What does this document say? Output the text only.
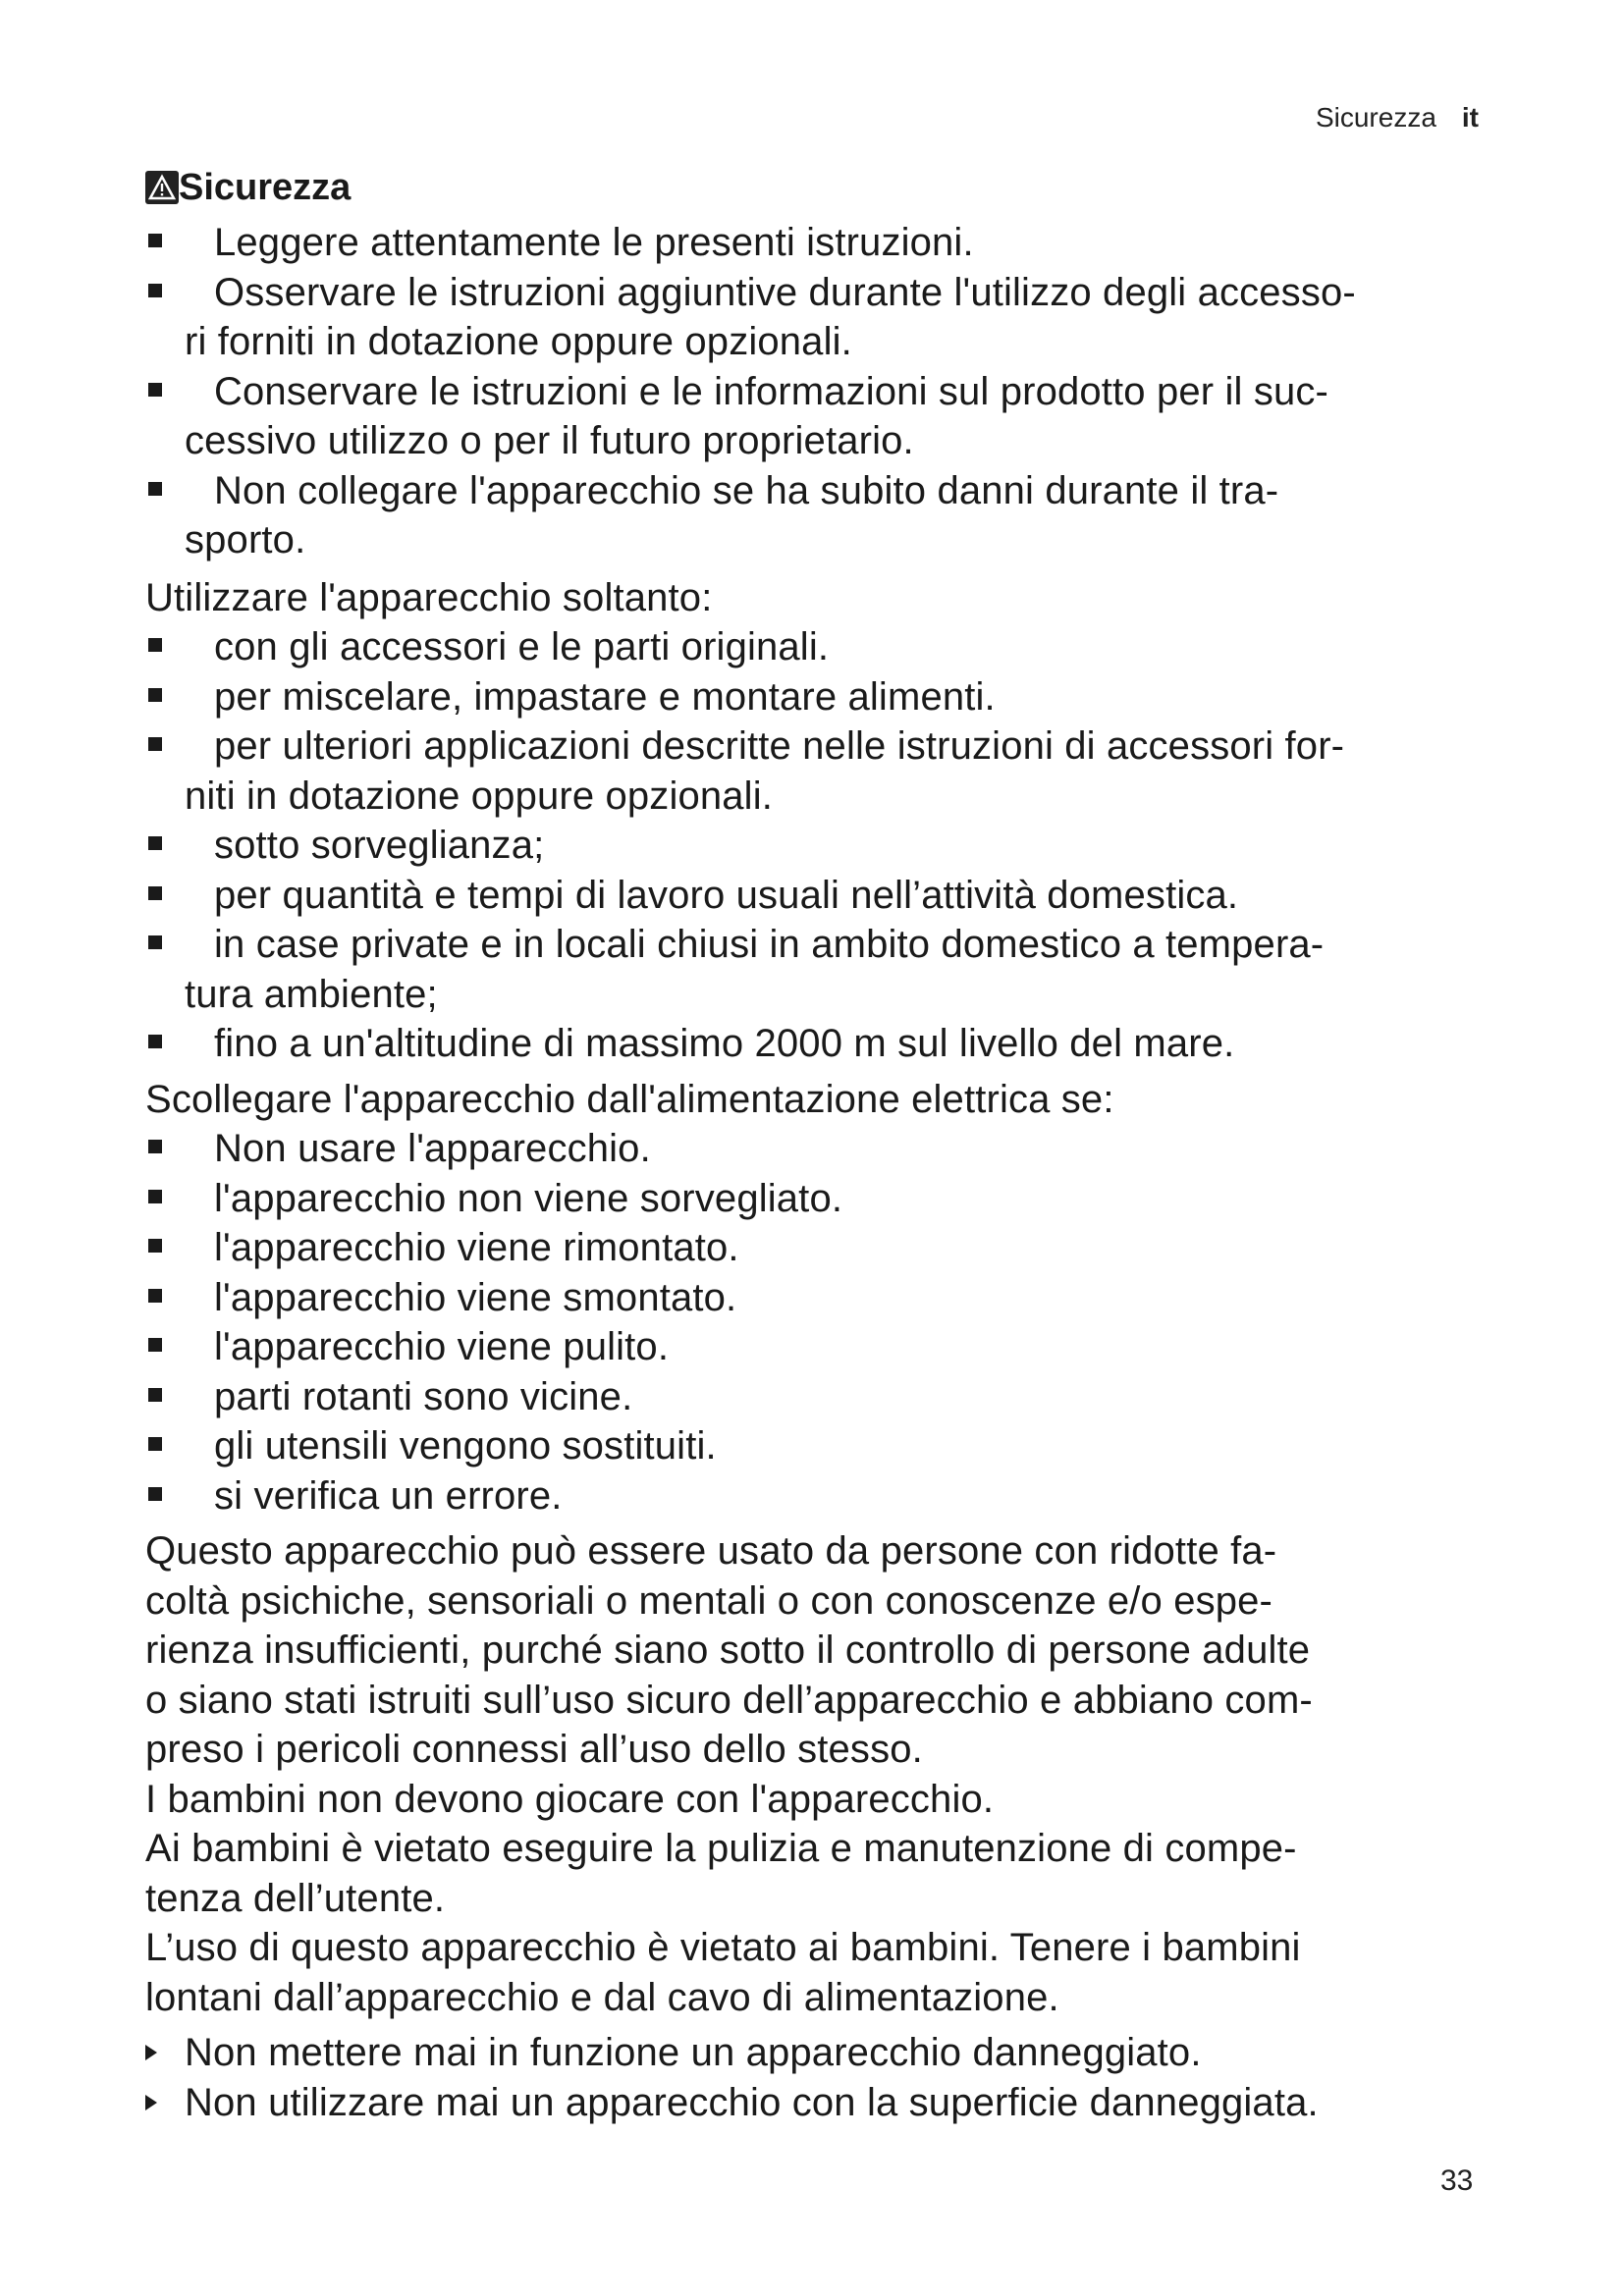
Sicurezza it
Sicurezza
Leggere attentamente le presenti istruzioni.
Osservare le istruzioni aggiuntive durante l'utilizzo degli accesso-
ri forniti in dotazione oppure opzionali.
Conservare le istruzioni e le informazioni sul prodotto per il suc-
cessivo utilizzo o per il futuro proprietario.
Non collegare l'apparecchio se ha subito danni durante il tra-
sporto.
Utilizzare l'apparecchio soltanto:
con gli accessori e le parti originali.
per miscelare, impastare e montare alimenti.
per ulteriori applicazioni descritte nelle istruzioni di accessori for-
niti in dotazione oppure opzionali.
sotto sorveglianza;
per quantità e tempi di lavoro usuali nell’attività domestica.
in case private e in locali chiusi in ambito domestico a tempera-
tura ambiente;
fino a un'altitudine di massimo 2000 m sul livello del mare.
Scollegare l'apparecchio dall'alimentazione elettrica se:
Non usare l'apparecchio.
l'apparecchio non viene sorvegliato.
l'apparecchio viene rimontato.
l'apparecchio viene smontato.
l'apparecchio viene pulito.
parti rotanti sono vicine.
gli utensili vengono sostituiti.
si verifica un errore.
Questo apparecchio può essere usato da persone con ridotte fa-
coltà psichiche, sensoriali o mentali o con conoscenze e/o espe-
rienza insufficienti, purché siano sotto il controllo di persone adulte
o siano stati istruiti sull’uso sicuro dell’apparecchio e abbiano com-
preso i pericoli connessi all’uso dello stesso.
I bambini non devono giocare con l'apparecchio.
Ai bambini è vietato eseguire la pulizia e manutenzione di compe-
tenza dell’utente.
L’uso di questo apparecchio è vietato ai bambini. Tenere i bambini
lontani dall’apparecchio e dal cavo di alimentazione.
Non mettere mai in funzione un apparecchio danneggiato.
Non utilizzare mai un apparecchio con la superficie danneggiata.
33
